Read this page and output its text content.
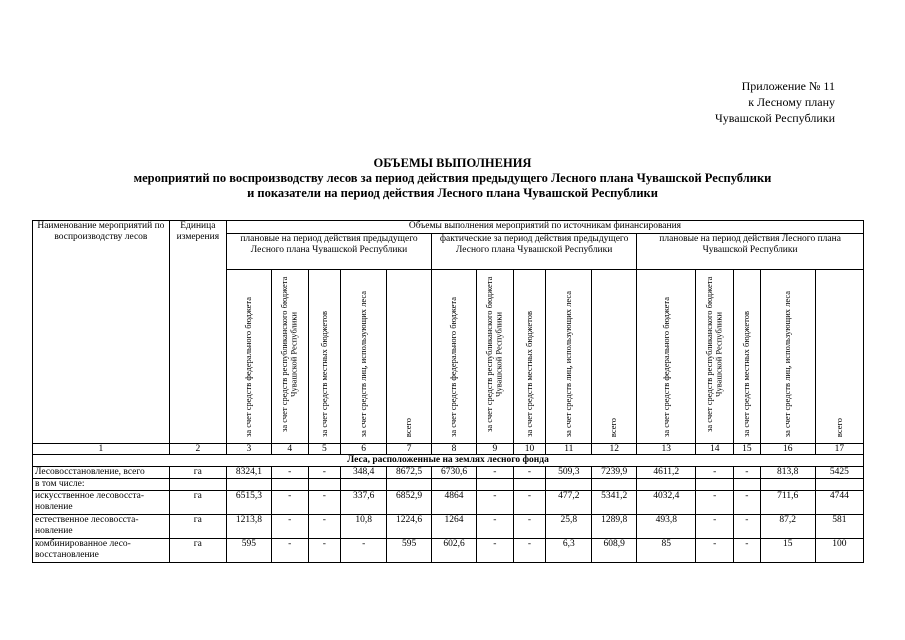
Приложение № 11
к Лесному плану
Чувашской Республики
ОБЪЕМЫ ВЫПОЛНЕНИЯ
мероприятий по воспроизводству лесов за период действия предыдущего Лесного плана Чувашской Республики
и показатели на период действия Лесного плана Чувашской Республики
Наименование мероприятий по воспроизводству лесов	Единица измерения	Объемы выполнения мероприятий по источникам финансирования														
		плановые на период действия предыдущего Лесного плана Чувашской Республики					фактические за период действия предыдущего Лесного плана Чувашской Республики					плановые на период действия Лесного плана Чувашской Республики				
		за счет средств федерального бюджета	за счет средств республиканского бюджета Чувашской Республики	за счет средств местных бюджетов	за счет средств лиц, использующих леса	всего	за счет средств федерального бюджета	за счет средств республиканского бюджета Чувашской Республики	за счет средств местных бюджетов	за счет средств лиц, использующих леса	всего	за счет средств федерального бюджета	за счет средств республиканского бюджета Чувашской Республики	за счет средств местных бюджетов	за счет средств лиц, использующих леса	всего
1	2	3	4	5	6	7	8	9	10	11	12	13	14	15	16	17
Леса, расположенные на землях лесного фонда																
Лесовосстановление, всего	га	8324,1	-	-	348,4	8672,5	6730,6	-	-	509,3	7239,9	4611,2	-	-	813,8	5425
в том числе:																
искусственное лесовосста-новление	га	6515,3	-	-	337,6	6852,9	4864	-	-	477,2	5341,2	4032,4	-	-	711,6	4744
естественное лесовосста-новление	га	1213,8	-	-	10,8	1224,6	1264	-	-	25,8	1289,8	493,8	-	-	87,2	581
комбинированное лесо-восстановление	га	595	-	-	-	595	602,6	-	-	6,3	608,9	85	-	-	15	100
